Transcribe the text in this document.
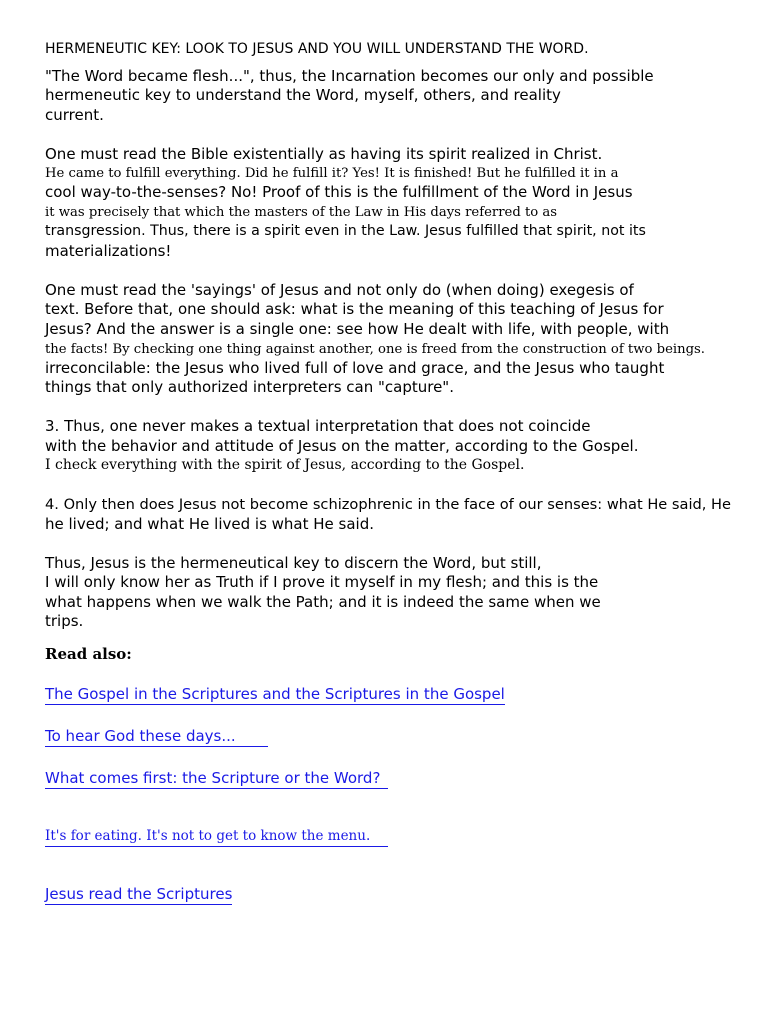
HERMENEUTIC KEY: LOOK TO JESUS AND YOU WILL UNDERSTAND THE WORD.
"The Word became flesh...", thus, the Incarnation becomes our only and possible
hermeneutic key to understand the Word, myself, others, and reality
current.
One must read the Bible existentially as having its spirit realized in Christ.
He came to fulfill everything. Did he fulfill it? Yes! It is finished! But he fulfilled it in a
cool way-to-the-senses? No! Proof of this is the fulfillment of the Word in Jesus
it was precisely that which the masters of the Law in His days referred to as
transgression. Thus, there is a spirit even in the Law. Jesus fulfilled that spirit, not its
materializations!
One must read the 'sayings' of Jesus and not only do (when doing) exegesis of
text. Before that, one should ask: what is the meaning of this teaching of Jesus for
Jesus? And the answer is a single one: see how He dealt with life, with people, with
the facts! By checking one thing against another, one is freed from the construction of two beings.
irreconcilable: the Jesus who lived full of love and grace, and the Jesus who taught
things that only authorized interpreters can "capture".
3. Thus, one never makes a textual interpretation that does not coincide
with the behavior and attitude of Jesus on the matter, according to the Gospel.
I check everything with the spirit of Jesus, according to the Gospel.
4. Only then does Jesus not become schizophrenic in the face of our senses: what He said, He
he lived; and what He lived is what He said.
Thus, Jesus is the hermeneutical key to discern the Word, but still,
I will only know her as Truth if I prove it myself in my flesh; and this is the
what happens when we walk the Path; and it is indeed the same when we
trips.
Read also:
The Gospel in the Scriptures and the Scriptures in the Gospel
To hear God these days...
What comes first: the Scripture or the Word?
It's for eating. It's not to get to know the menu.
Jesus read the Scriptures
